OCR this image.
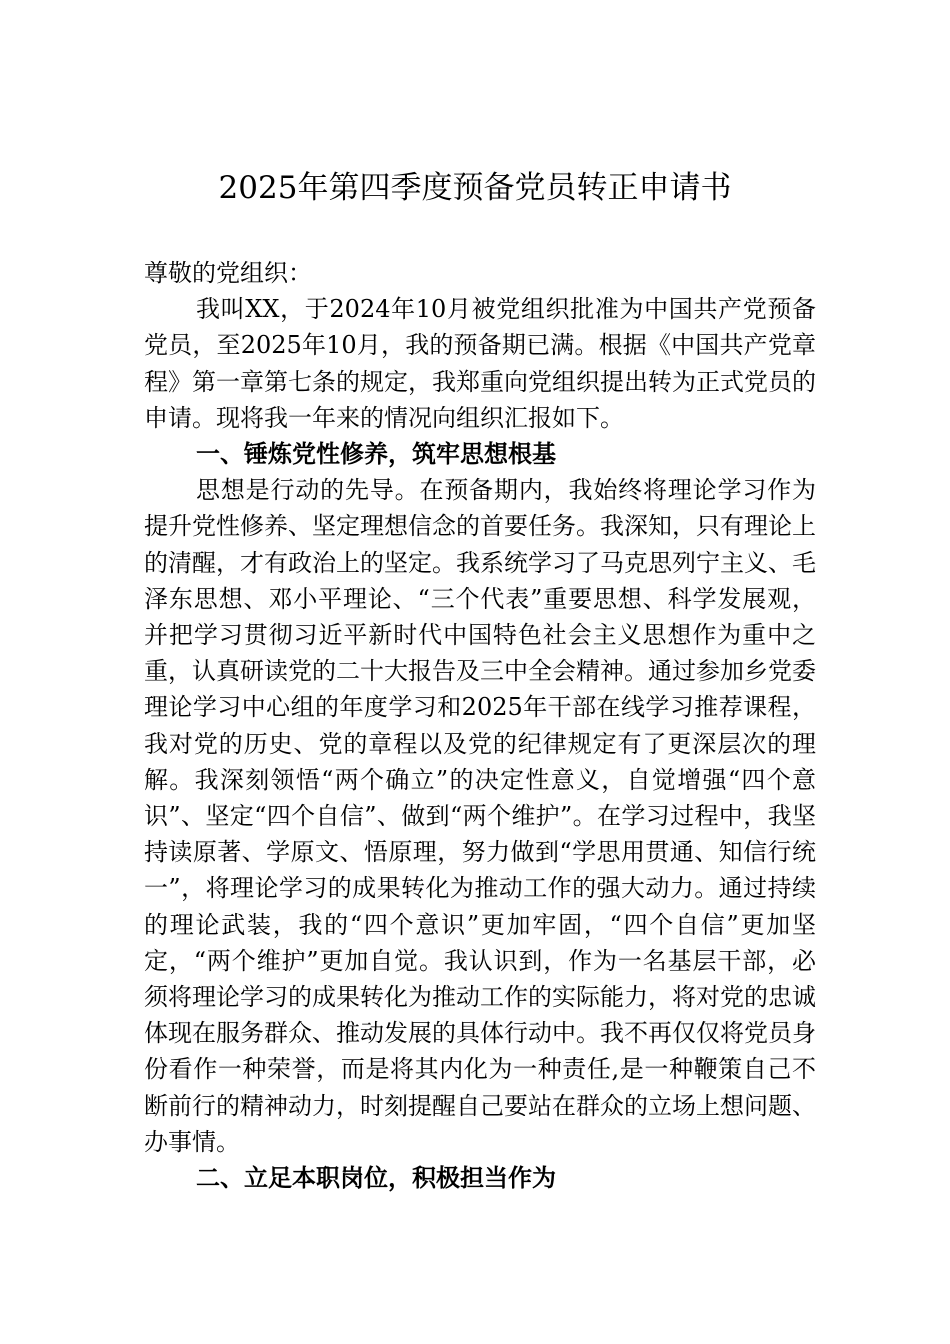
2025年第四季度预备党员转正申请书

尊敬的党组织：

我叫XX，于2024年10月被党组织批准为中国共产党预备党员，至2025年10月，我的预备期已满。根据《中国共产党章程》第一章第七条的规定，我郑重向党组织提出转为正式党员的申请。现将我一年来的情况向组织汇报如下。

一、锤炼党性修养，筑牢思想根基

思想是行动的先导。在预备期内，我始终将理论学习作为提升党性修养、坚定理想信念的首要任务。我深知，只有理论上的清醒，才有政治上的坚定。我系统学习了马克思列宁主义、毛泽东思想、邓小平理论、“三个代表”重要思想、科学发展观，并把学习贯彻习近平新时代中国特色社会主义思想作为重中之重，认真研读党的二十大报告及三中全会精神。通过参加乡党委理论学习中心组的年度学习和2025年干部在线学习推荐课程，我对党的历史、党的章程以及党的纪律规定有了更深层次的理解。我深刻领悟“两个确立”的决定性意义，自觉增强“四个意识”、坚定“四个自信”、做到“两个维护”。在学习过程中，我坚持读原著、学原文、悟原理，努力做到“学思用贯通、知信行统一”，将理论学习的成果转化为推动工作的强大动力。通过持续的理论武装，我的“四个意识”更加牢固，“四个自信”更加坚定，“两个维护”更加自觉。我认识到，作为一名基层干部，必须将理论学习的成果转化为推动工作的实际能力，将对党的忠诚体现在服务群众、推动发展的具体行动中。我不再仅仅将党员身份看作一种荣誉，而是将其内化为一种责任,是一种鞭策自己不断前行的精神动力，时刻提醒自己要站在群众的立场上想问题、办事情。

二、立足本职岗位，积极担当作为
